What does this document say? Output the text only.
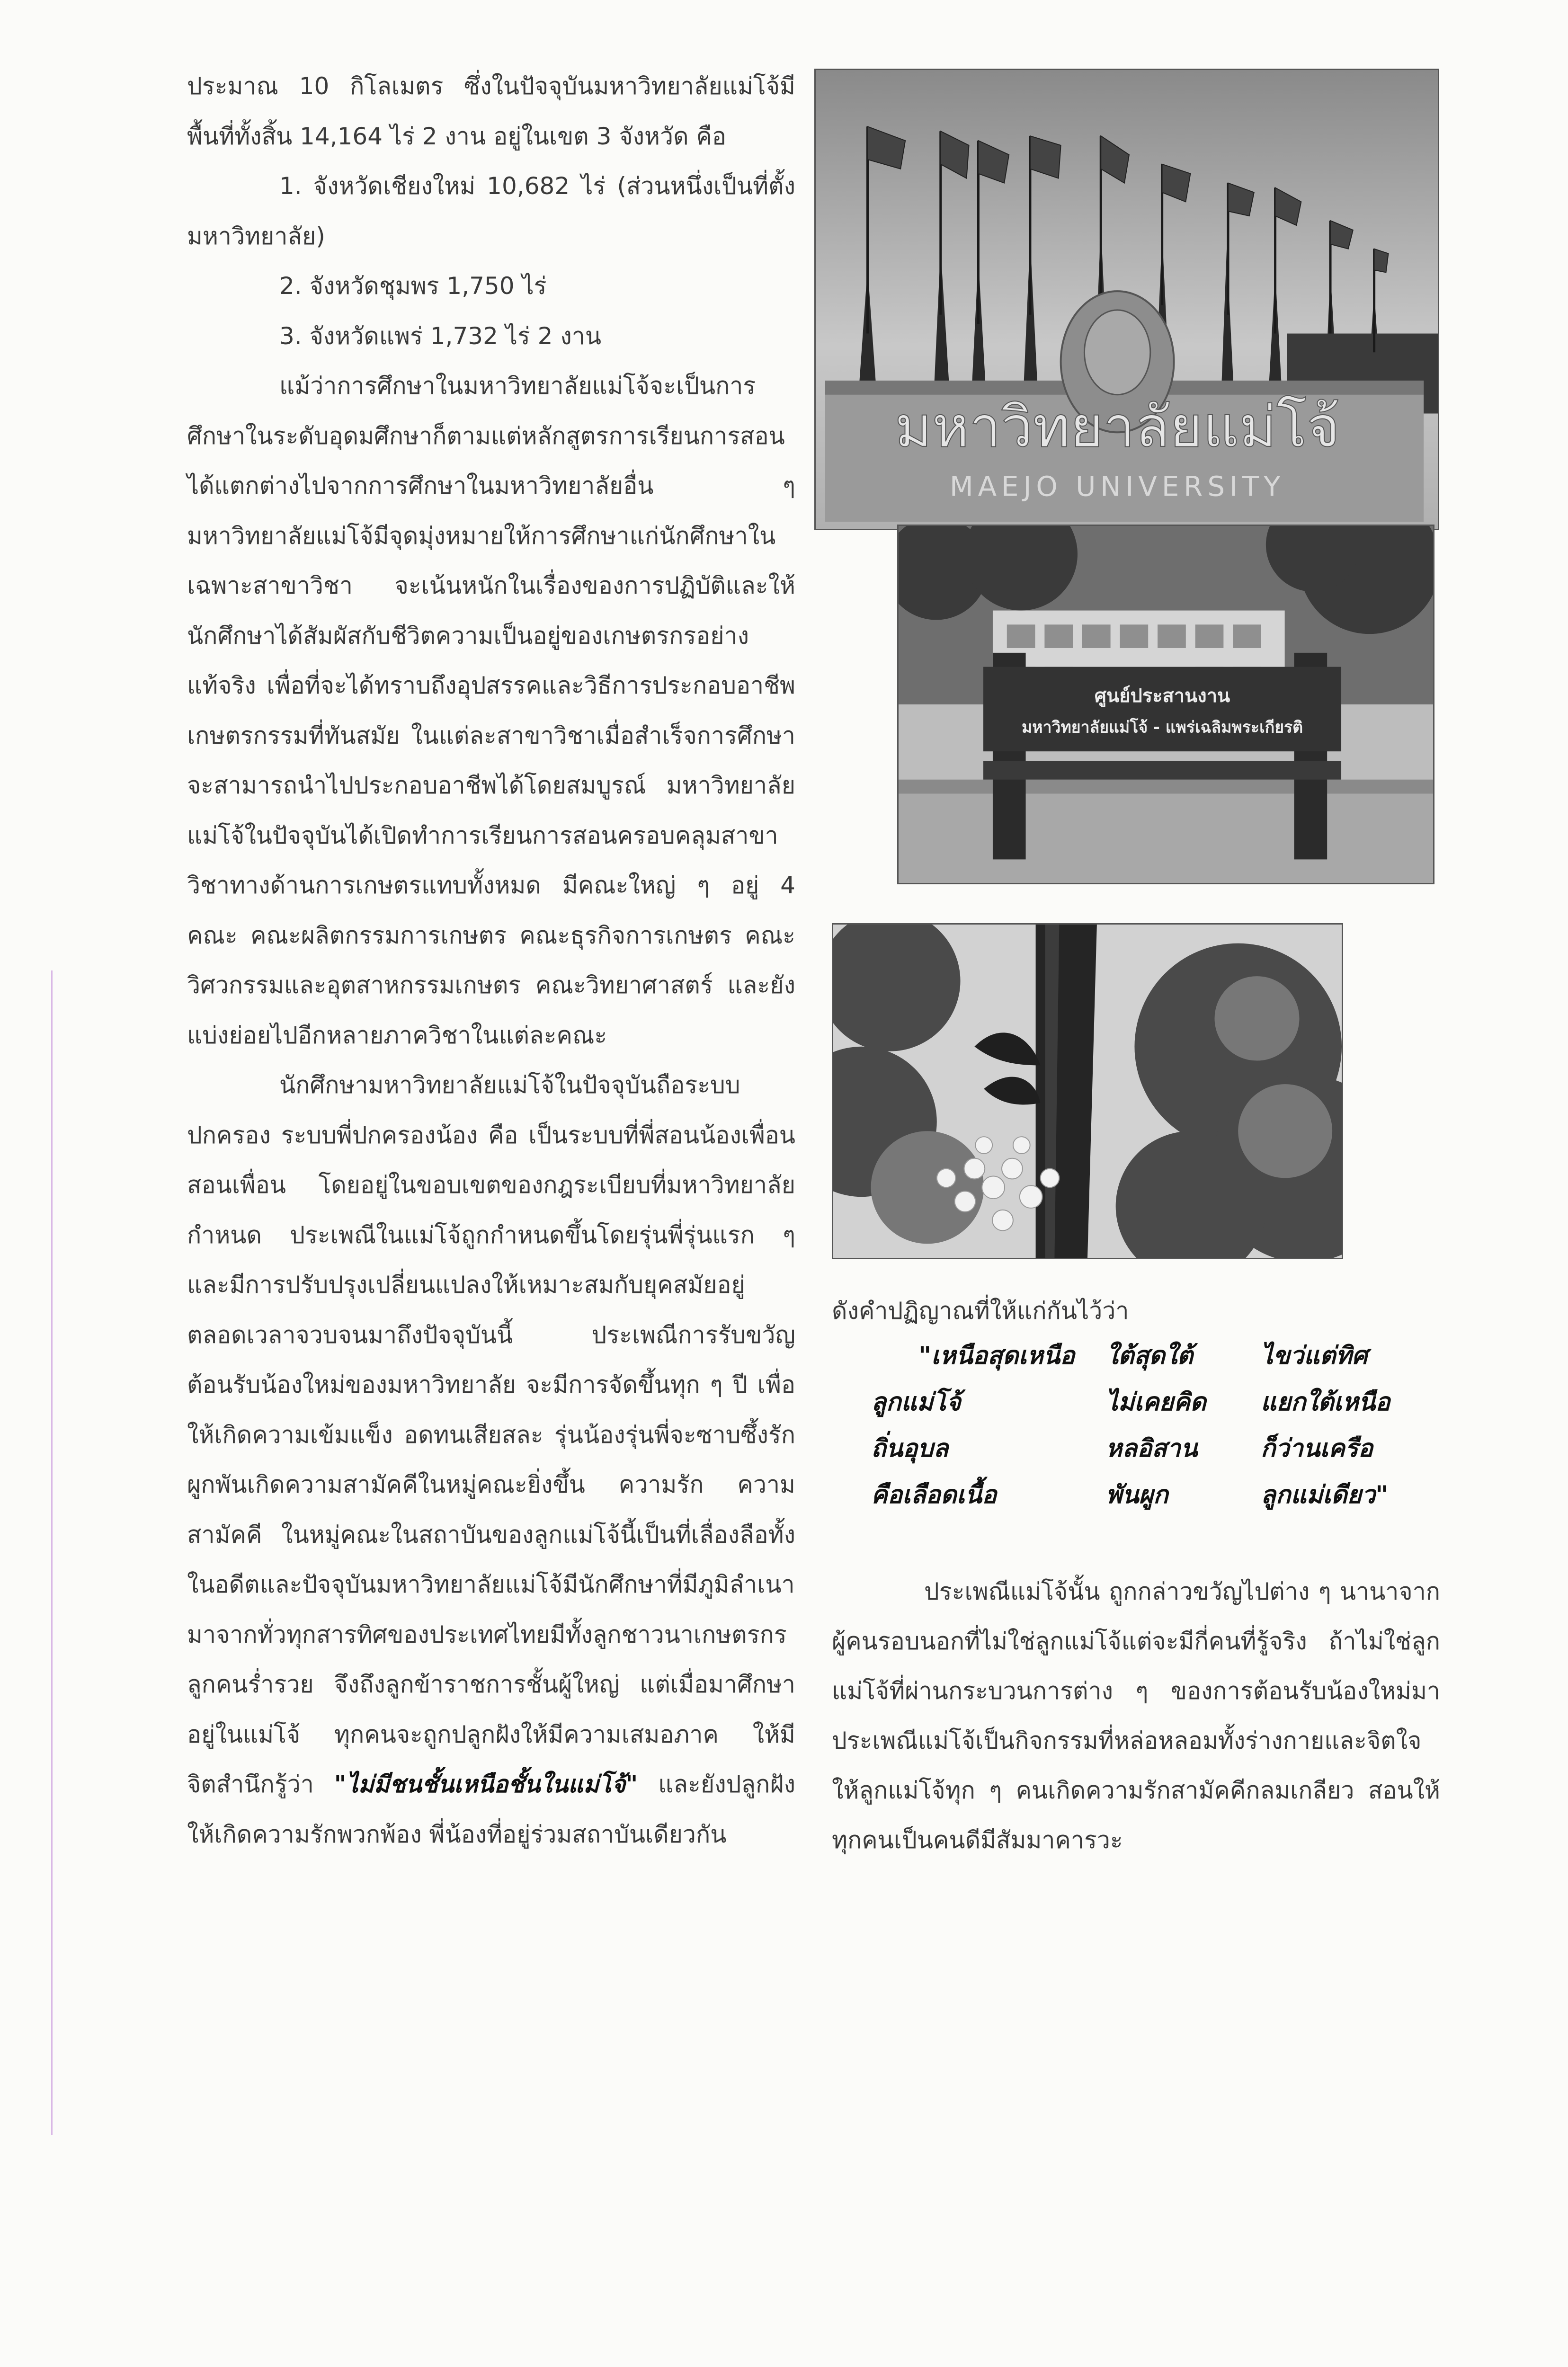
ประมาณ 10 กิโลเมตร ซึ่งในปัจจุบันมหาวิทยาลัยแม่โจ้มีพื้นที่ทั้งสิ้น 14,164 ไร่ 2 งาน อยู่ในเขต 3 จังหวัด คือ

1. จังหวัดเชียงใหม่ 10,682 ไร่ (ส่วนหนึ่งเป็นที่ตั้งมหาวิทยาลัย)

2. จังหวัดชุมพร 1,750 ไร่

3. จังหวัดแพร่ 1,732 ไร่ 2 งาน

แม้ว่าการศึกษาในมหาวิทยาลัยแม่โจ้จะเป็นการศึกษาในระดับอุดมศึกษาก็ตามแต่หลักสูตรการเรียนการสอนได้แตกต่างไปจากการศึกษาในมหาวิทยาลัยอื่น ๆ มหาวิทยาลัยแม่โจ้มีจุดมุ่งหมายให้การศึกษาแก่นักศึกษาในเฉพาะสาขาวิชา จะเน้นหนักในเรื่องของการปฏิบัติและให้นักศึกษาได้สัมผัสกับชีวิตความเป็นอยู่ของเกษตรกรอย่างแท้จริง เพื่อที่จะได้ทราบถึงอุปสรรคและวิธีการประกอบอาชีพเกษตรกรรมที่ทันสมัย ในแต่ละสาขาวิชาเมื่อสำเร็จการศึกษาจะสามารถนำไปประกอบอาชีพได้โดยสมบูรณ์ มหาวิทยาลัยแม่โจ้ในปัจจุบันได้เปิดทำการเรียนการสอนครอบคลุมสาขาวิชาทางด้านการเกษตรแทบทั้งหมด มีคณะใหญ่ ๆ อยู่ 4 คณะ คณะผลิตกรรมการเกษตร คณะธุรกิจการเกษตร คณะวิศวกรรมและอุตสาหกรรมเกษตร คณะวิทยาศาสตร์ และยังแบ่งย่อยไปอีกหลายภาควิชาในแต่ละคณะ

นักศึกษามหาวิทยาลัยแม่โจ้ในปัจจุบันถือระบบปกครอง ระบบพี่ปกครองน้อง คือ เป็นระบบที่พี่สอนน้องเพื่อนสอนเพื่อน โดยอยู่ในขอบเขตของกฎระเบียบที่มหาวิทยาลัยกำหนด ประเพณีในแม่โจ้ถูกกำหนดขึ้นโดยรุ่นพี่รุ่นแรก ๆ และมีการปรับปรุงเปลี่ยนแปลงให้เหมาะสมกับยุคสมัยอยู่ตลอดเวลาจวบจนมาถึงปัจจุบันนี้ ประเพณีการรับขวัญต้อนรับน้องใหม่ของมหาวิทยาลัย จะมีการจัดขึ้นทุก ๆ ปี เพื่อให้เกิดความเข้มแข็ง อดทนเสียสละ รุ่นน้องรุ่นพี่จะซาบซึ้งรักผูกพันเกิดความสามัคคีในหมู่คณะยิ่งขึ้น ความรัก ความสามัคคี ในหมู่คณะในสถาบันของลูกแม่โจ้นี้เป็นที่เลื่องลือทั้งในอดีตและปัจจุบันมหาวิทยาลัยแม่โจ้มีนักศึกษาที่มีภูมิลำเนามาจากทั่วทุกสารทิศของประเทศไทยมีทั้งลูกชาวนาเกษตรกร ลูกคนร่ำรวย จึงถึงลูกข้าราชการชั้นผู้ใหญ่ แต่เมื่อมาศึกษาอยู่ในแม่โจ้ ทุกคนจะถูกปลูกฝังให้มีความเสมอภาค ให้มีจิตสำนึกรู้ว่า "ไม่มีชนชั้นเหนือชั้นในแม่โจ้" และยังปลูกฝังให้เกิดความรักพวกพ้อง พี่น้องที่อยู่ร่วมสถาบันเดียวกัน

มหาวิทยาลัยแม่โจ้
MAEJO UNIVERSITY
ศูนย์ประสานงาน
มหาวิทยาลัยแม่โจ้ - แพร่เฉลิมพระเกียรติ

ดังคำปฏิญาณที่ให้แก่กันไว้ว่า

"เหนือสุดเหนือ	ใต้สุดใต้	ไขว่แต่ทิศ
ลูกแม่โจ้	ไม่เคยคิด	แยกใต้เหนือ
ถิ่นอุบล	หลอิสาน	ก็ว่านเครือ
คือเลือดเนื้อ	พันผูก	ลูกแม่เดียว"

ประเพณีแม่โจ้นั้น ถูกกล่าวขวัญไปต่าง ๆ นานาจากผู้คนรอบนอกที่ไม่ใช่ลูกแม่โจ้แต่จะมีกี่คนที่รู้จริง ถ้าไม่ใช่ลูกแม่โจ้ที่ผ่านกระบวนการต่าง ๆ ของการต้อนรับน้องใหม่มา ประเพณีแม่โจ้เป็นกิจกรรมที่หล่อหลอมทั้งร่างกายและจิตใจให้ลูกแม่โจ้ทุก ๆ คนเกิดความรักสามัคคีกลมเกลียว สอนให้ทุกคนเป็นคนดีมีสัมมาคารวะ
